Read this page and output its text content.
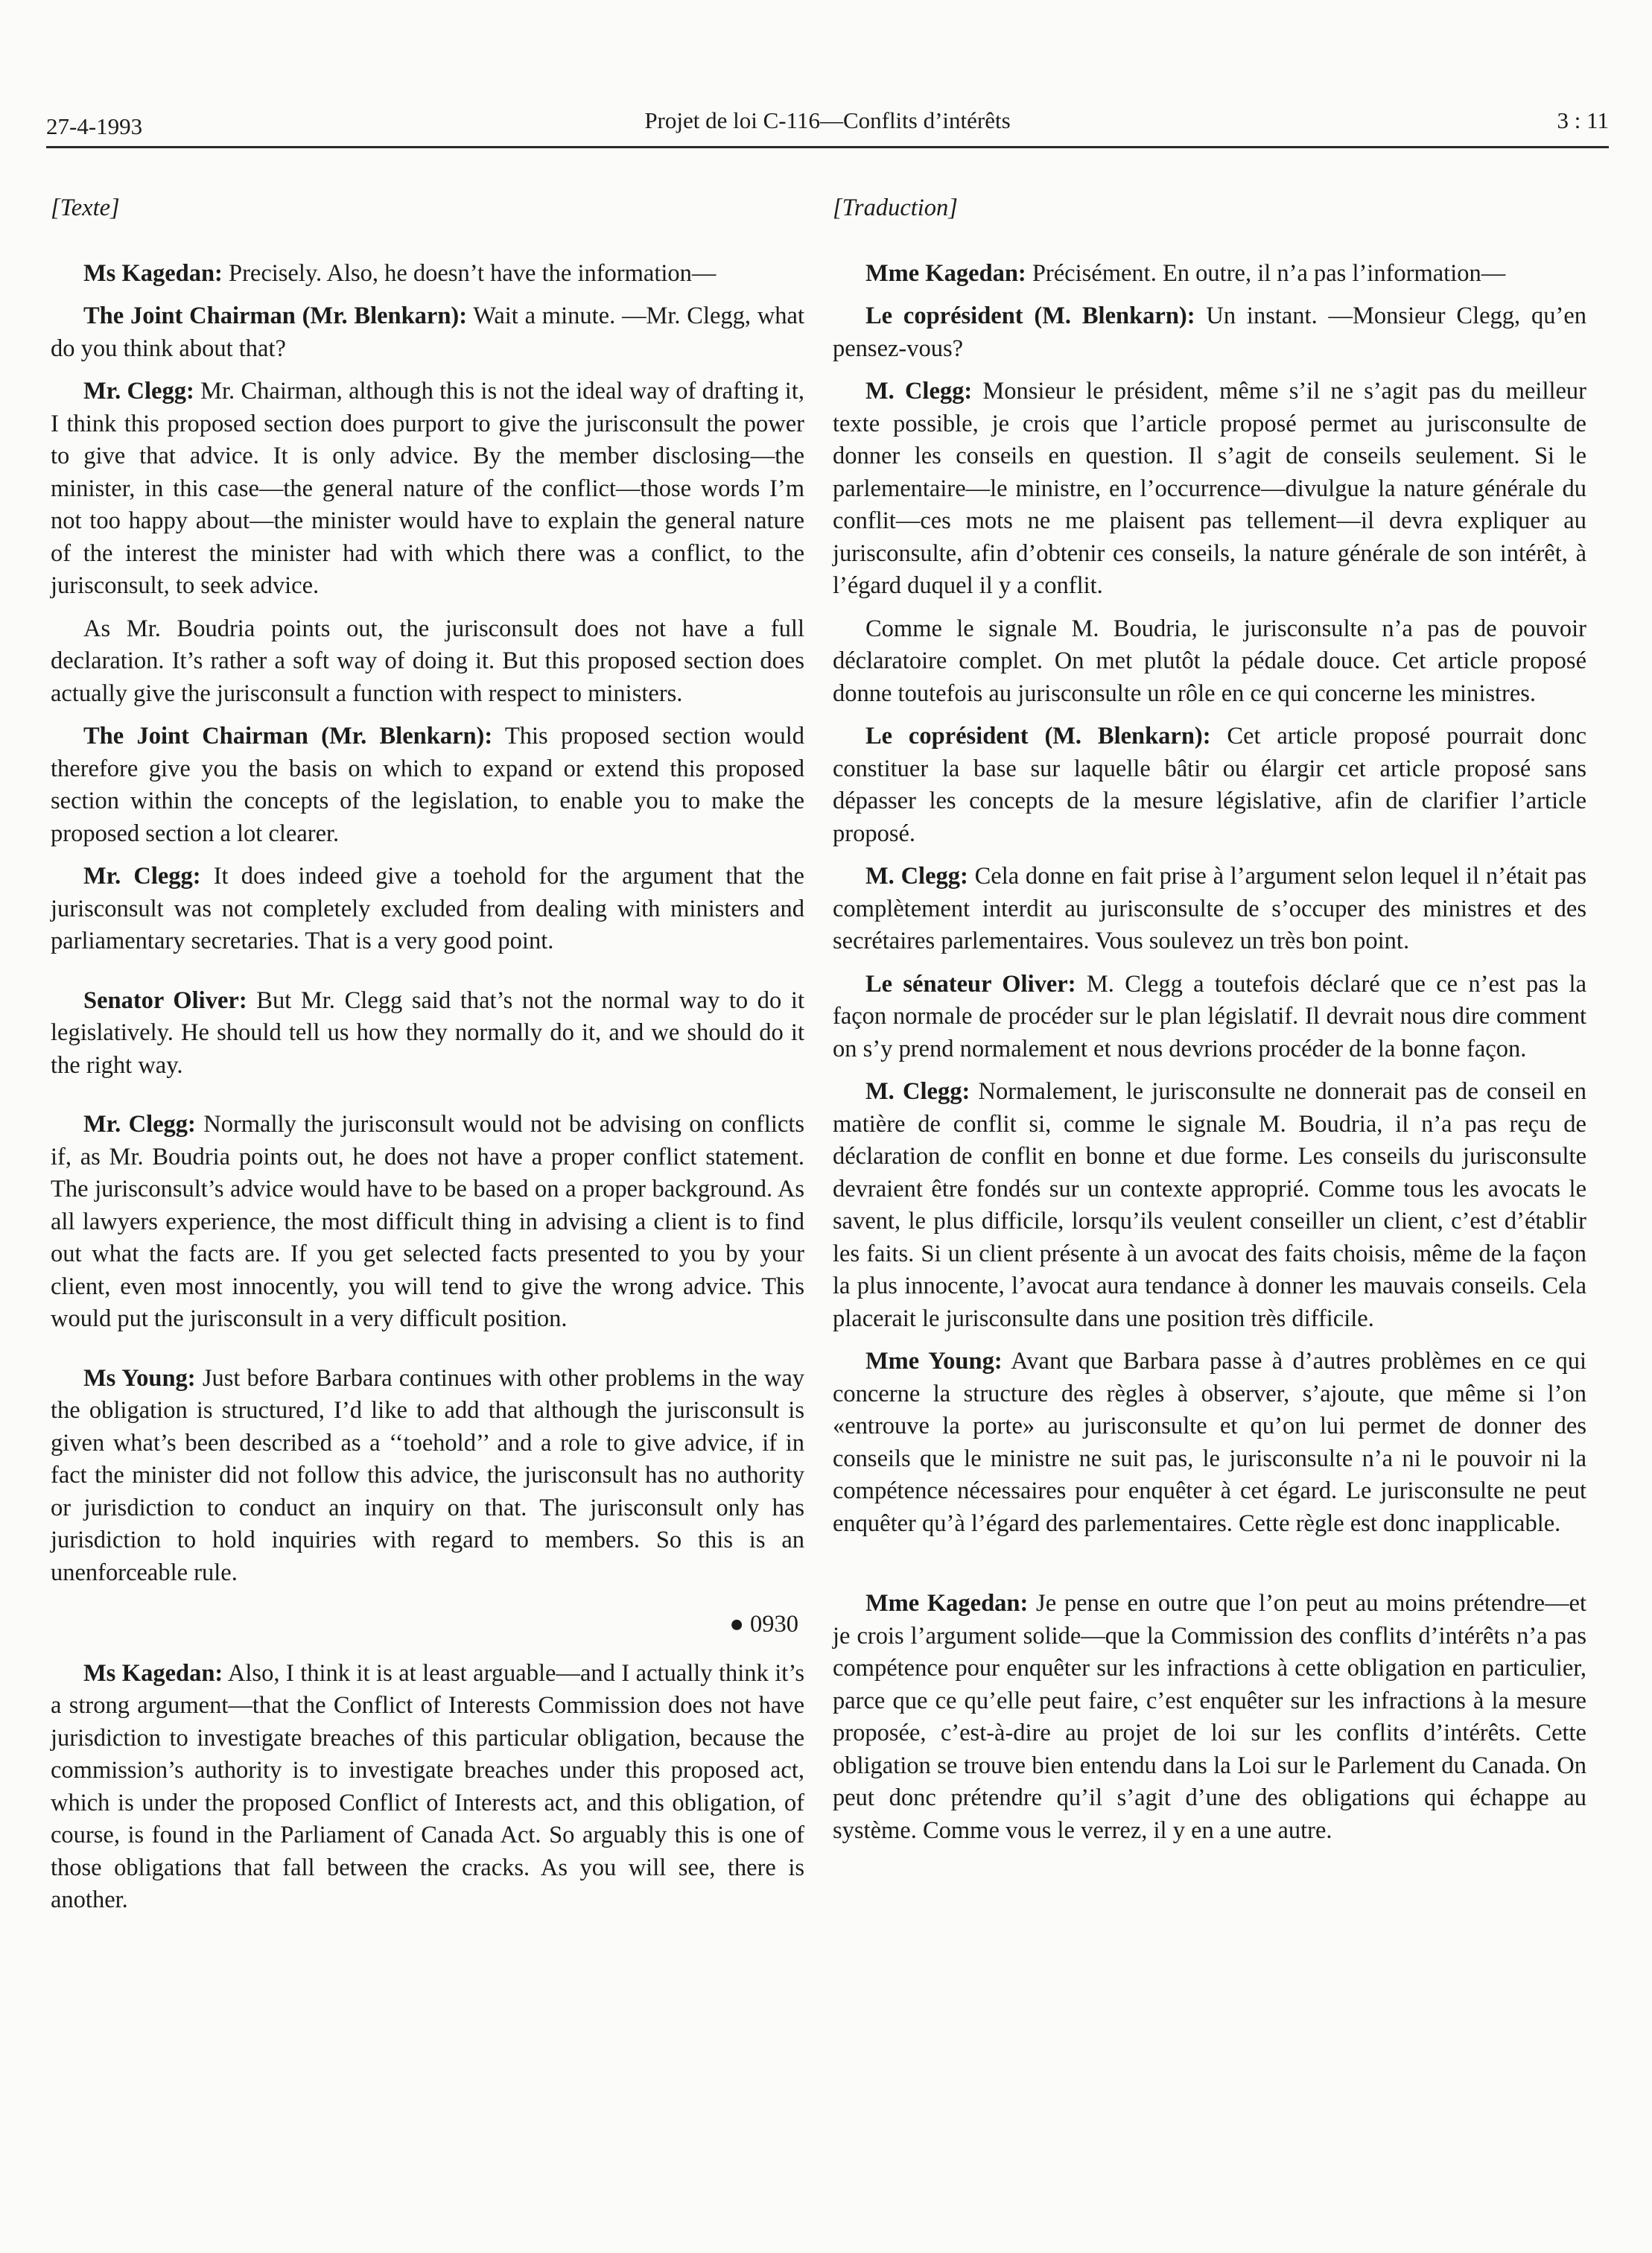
27-4-1993	Projet de loi C-116—Conflits d’intérêts	3 : 11

[Texte]

Ms Kagedan: Precisely. Also, he doesn’t have the information—

The Joint Chairman (Mr. Blenkarn): Wait a minute. —Mr. Clegg, what do you think about that?

Mr. Clegg: Mr. Chairman, although this is not the ideal way of drafting it, I think this proposed section does purport to give the jurisconsult the power to give that advice. It is only advice. By the member disclosing—the minister, in this case—the general nature of the conflict—those words I’m not too happy about—the minister would have to explain the general nature of the interest the minister had with which there was a conflict, to the jurisconsult, to seek advice.

As Mr. Boudria points out, the jurisconsult does not have a full declaration. It’s rather a soft way of doing it. But this proposed section does actually give the jurisconsult a function with respect to ministers.

The Joint Chairman (Mr. Blenkarn): This proposed section would therefore give you the basis on which to expand or extend this proposed section within the concepts of the legislation, to enable you to make the proposed section a lot clearer.

Mr. Clegg: It does indeed give a toehold for the argument that the jurisconsult was not completely excluded from dealing with ministers and parliamentary secretaries. That is a very good point.

Senator Oliver: But Mr. Clegg said that’s not the normal way to do it legislatively. He should tell us how they normally do it, and we should do it the right way.

Mr. Clegg: Normally the jurisconsult would not be advising on conflicts if, as Mr. Boudria points out, he does not have a proper conflict statement. The jurisconsult’s advice would have to be based on a proper background. As all lawyers experience, the most difficult thing in advising a client is to find out what the facts are. If you get selected facts presented to you by your client, even most innocently, you will tend to give the wrong advice. This would put the jurisconsult in a very difficult position.

Ms Young: Just before Barbara continues with other problems in the way the obligation is structured, I’d like to add that although the jurisconsult is given what’s been described as a ‘‘toehold’’ and a role to give advice, if in fact the minister did not follow this advice, the jurisconsult has no authority or jurisdiction to conduct an inquiry on that. The jurisconsult only has jurisdiction to hold inquiries with regard to members. So this is an unenforceable rule.

● 0930

Ms Kagedan: Also, I think it is at least arguable—and I actually think it’s a strong argument—that the Conflict of Interests Commission does not have jurisdiction to investigate breaches of this particular obligation, because the commission’s authority is to investigate breaches under this proposed act, which is under the proposed Conflict of Interests act, and this obligation, of course, is found in the Parliament of Canada Act. So arguably this is one of those obligations that fall between the cracks. As you will see, there is another.

[Traduction]

Mme Kagedan: Précisément. En outre, il n’a pas l’information—

Le coprésident (M. Blenkarn): Un instant. —Monsieur Clegg, qu’en pensez-vous?

M. Clegg: Monsieur le président, même s’il ne s’agit pas du meilleur texte possible, je crois que l’article proposé permet au jurisconsulte de donner les conseils en question. Il s’agit de conseils seulement. Si le parlementaire—le ministre, en l’occurrence—divulgue la nature générale du conflit—ces mots ne me plaisent pas tellement—il devra expliquer au jurisconsulte, afin d’obtenir ces conseils, la nature générale de son intérêt, à l’égard duquel il y a conflit.

Comme le signale M. Boudria, le jurisconsulte n’a pas de pouvoir déclaratoire complet. On met plutôt la pédale douce. Cet article proposé donne toutefois au jurisconsulte un rôle en ce qui concerne les ministres.

Le coprésident (M. Blenkarn): Cet article proposé pourrait donc constituer la base sur laquelle bâtir ou élargir cet article proposé sans dépasser les concepts de la mesure législative, afin de clarifier l’article proposé.

M. Clegg: Cela donne en fait prise à l’argument selon lequel il n’était pas complètement interdit au jurisconsulte de s’occuper des ministres et des secrétaires parlementaires. Vous soulevez un très bon point.

Le sénateur Oliver: M. Clegg a toutefois déclaré que ce n’est pas la façon normale de procéder sur le plan législatif. Il devrait nous dire comment on s’y prend normalement et nous devrions procéder de la bonne façon.

M. Clegg: Normalement, le jurisconsulte ne donnerait pas de conseil en matière de conflit si, comme le signale M. Boudria, il n’a pas reçu de déclaration de conflit en bonne et due forme. Les conseils du jurisconsulte devraient être fondés sur un contexte approprié. Comme tous les avocats le savent, le plus difficile, lorsqu’ils veulent conseiller un client, c’est d’établir les faits. Si un client présente à un avocat des faits choisis, même de la façon la plus innocente, l’avocat aura tendance à donner les mauvais conseils. Cela placerait le jurisconsulte dans une position très difficile.

Mme Young: Avant que Barbara passe à d’autres problèmes en ce qui concerne la structure des règles à observer, s’ajoute, que même si l’on «entrouve la porte» au jurisconsulte et qu’on lui permet de donner des conseils que le ministre ne suit pas, le jurisconsulte n’a ni le pouvoir ni la compétence nécessaires pour enquêter à cet égard. Le jurisconsulte ne peut enquêter qu’à l’égard des parlementaires. Cette règle est donc inapplicable.

Mme Kagedan: Je pense en outre que l’on peut au moins prétendre—et je crois l’argument solide—que la Commission des conflits d’intérêts n’a pas compétence pour enquêter sur les infractions à cette obligation en particulier, parce que ce qu’elle peut faire, c’est enquêter sur les infractions à la mesure proposée, c’est-à-dire au projet de loi sur les conflits d’intérêts. Cette obligation se trouve bien entendu dans la Loi sur le Parlement du Canada. On peut donc prétendre qu’il s’agit d’une des obligations qui échappe au système. Comme vous le verrez, il y en a une autre.
